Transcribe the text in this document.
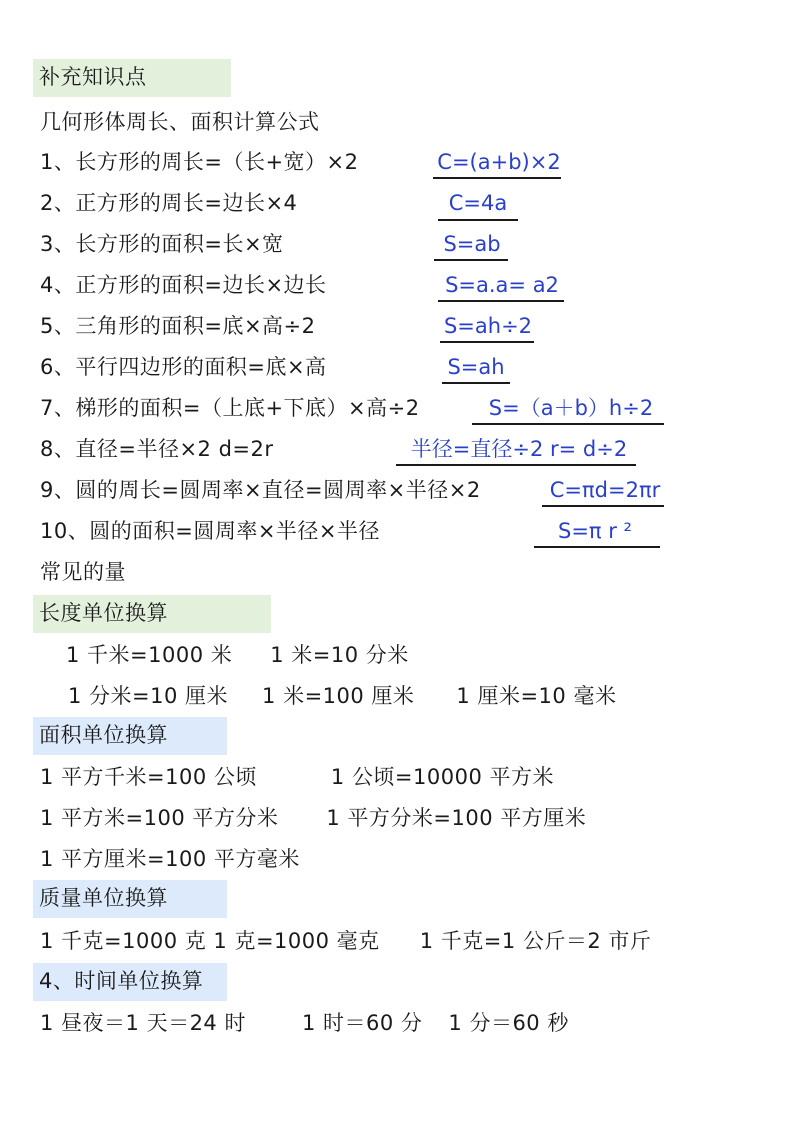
补充知识点
几何形体周长、面积计算公式
1、长方形的周长=（长+宽）×2	C=(a+b)×2
2、正方形的周长=边长×4	C=4a
3、长方形的面积=长×宽	S=ab
4、正方形的面积=边长×边长	S=a.a= a2
5、三角形的面积=底×高÷2	S=ah÷2
6、平行四边形的面积=底×高	S=ah
7、梯形的面积=（上底+下底）×高÷2	S=（a＋b）h÷2
8、直径=半径×2 d=2r	半径=直径÷2 r= d÷2
9、圆的周长=圆周率×直径=圆周率×半径×2	C=πd=2πr
10、圆的面积=圆周率×半径×半径	S=π r ²
常见的量
长度单位换算
1 千米=1000 米 1 米=10 分米
1 分米=10 厘米 1 米=100 厘米 1 厘米=10 毫米
面积单位换算
1 平方千米=100 公顷	1 公顷=10000 平方米
1 平方米=100 平方分米 1 平方分米=100 平方厘米
1 平方厘米=100 平方毫米
质量单位换算
1 千克=1000 克 1 克=1000 毫克 1 千克=1 公斤＝2 市斤
4、时间单位换算
1 昼夜＝1 天＝24 时	1 时＝60 分 1 分＝60 秒
